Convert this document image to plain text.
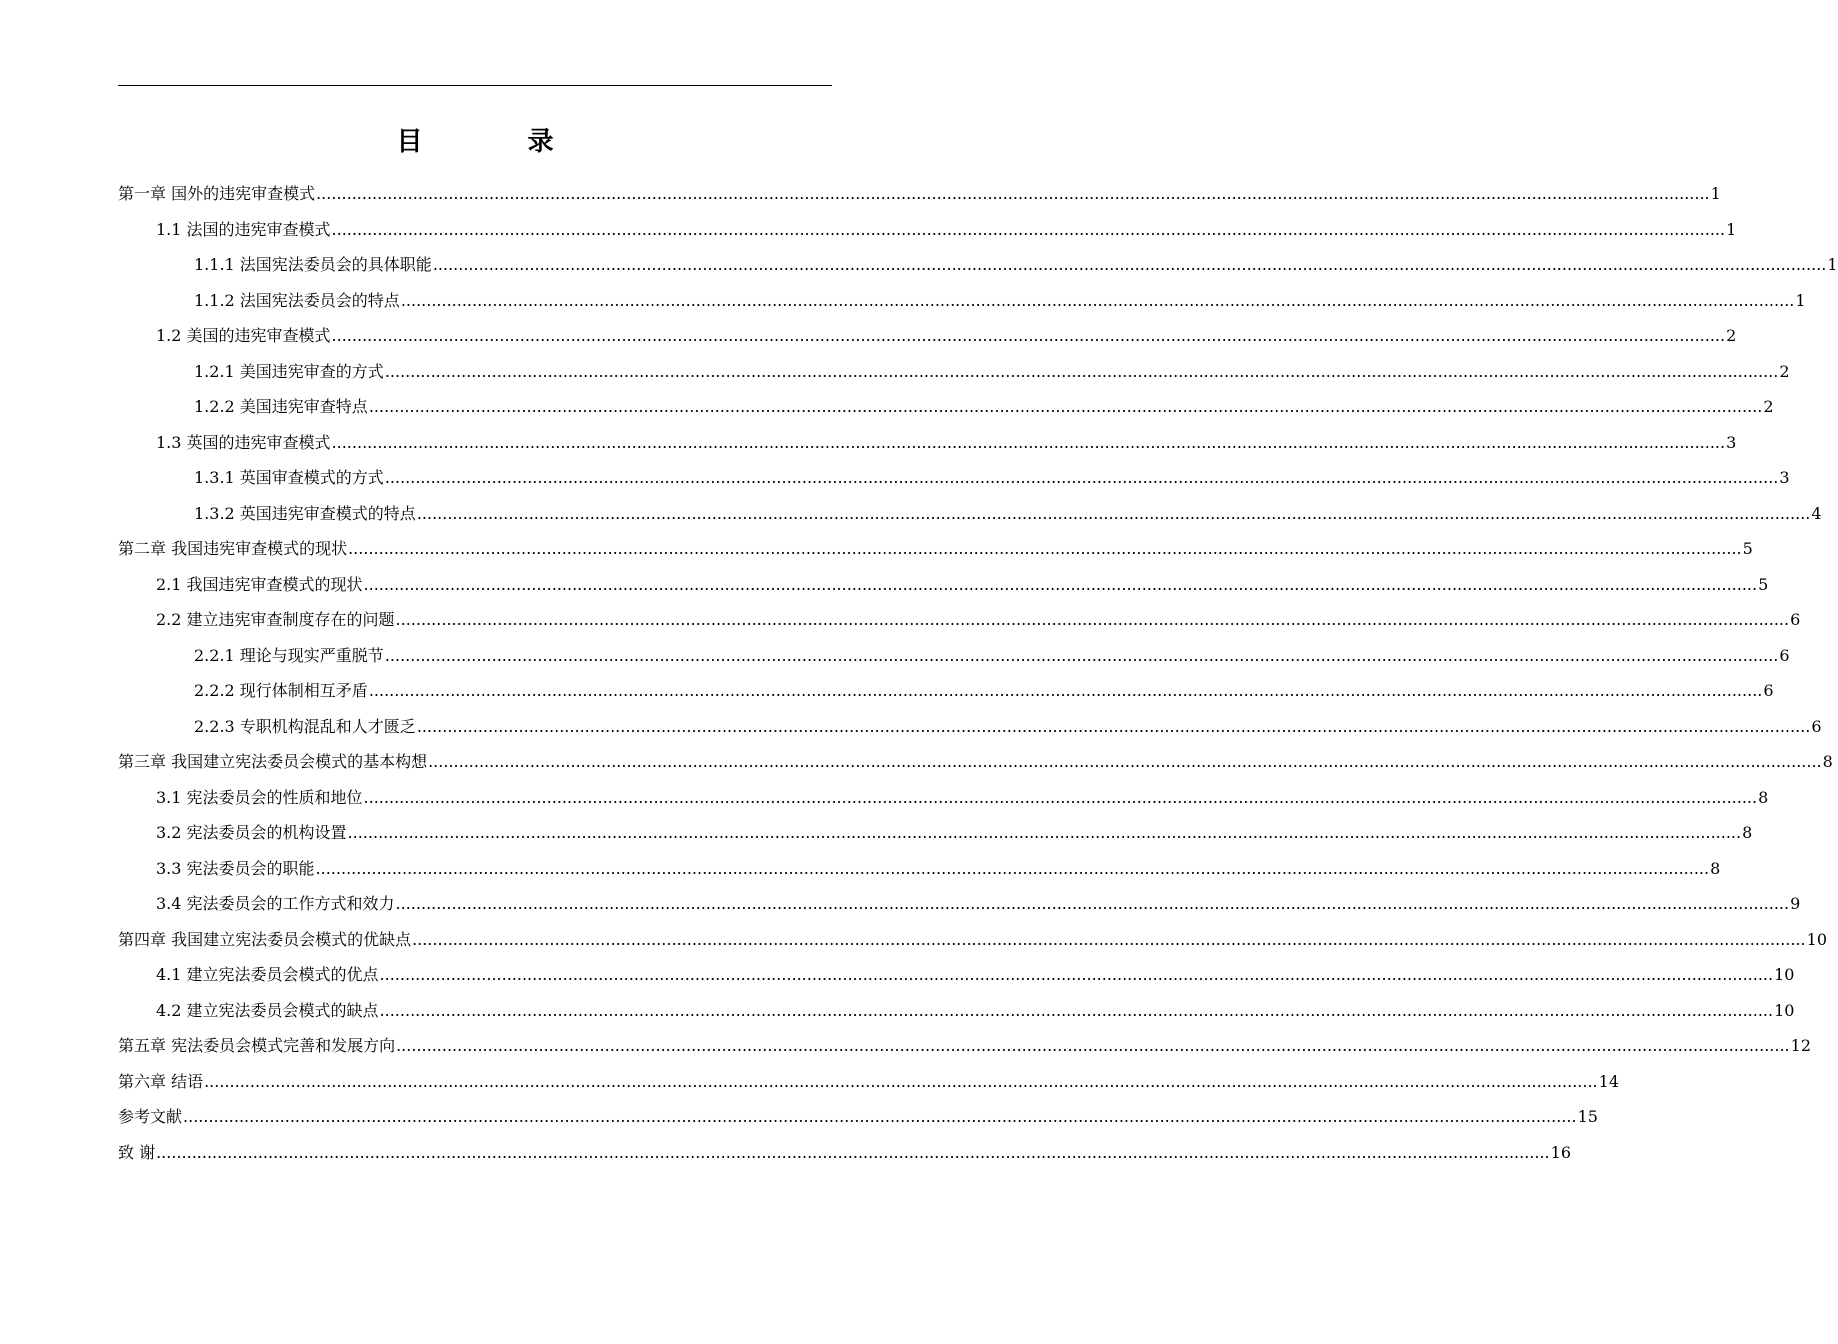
目 录
第一章 国外的违宪审查模式 .................................................................................................................................................................................................................................................................................. 1
1.1 法国的违宪审查模式 .................................................................................................................................................................................................................................................................................. 1
1.1.1 法国宪法委员会的具体职能 .................................................................................................................................................................................................................................................................................. 1
1.1.2 法国宪法委员会的特点 .................................................................................................................................................................................................................................................................................. 1
1.2 美国的违宪审查模式 .................................................................................................................................................................................................................................................................................. 2
1.2.1 美国违宪审查的方式 .................................................................................................................................................................................................................................................................................. 2
1.2.2 美国违宪审查特点 .................................................................................................................................................................................................................................................................................. 2
1.3 英国的违宪审查模式 .................................................................................................................................................................................................................................................................................. 3
1.3.1 英国审查模式的方式 .................................................................................................................................................................................................................................................................................. 3
1.3.2 英国违宪审查模式的特点 .................................................................................................................................................................................................................................................................................. 4
第二章 我国违宪审查模式的现状 .................................................................................................................................................................................................................................................................................. 5
2.1 我国违宪审查模式的现状 .................................................................................................................................................................................................................................................................................. 5
2.2 建立违宪审查制度存在的问题 .................................................................................................................................................................................................................................................................................. 6
2.2.1 理论与现实严重脱节 .................................................................................................................................................................................................................................................................................. 6
2.2.2 现行体制相互矛盾 .................................................................................................................................................................................................................................................................................. 6
2.2.3 专职机构混乱和人才匮乏 .................................................................................................................................................................................................................................................................................. 6
第三章 我国建立宪法委员会模式的基本构想 .................................................................................................................................................................................................................................................................................. 8
3.1 宪法委员会的性质和地位 .................................................................................................................................................................................................................................................................................. 8
3.2 宪法委员会的机构设置 .................................................................................................................................................................................................................................................................................. 8
3.3 宪法委员会的职能 .................................................................................................................................................................................................................................................................................. 8
3.4 宪法委员会的工作方式和效力 .................................................................................................................................................................................................................................................................................. 9
第四章 我国建立宪法委员会模式的优缺点 .................................................................................................................................................................................................................................................................................. 10
4.1 建立宪法委员会模式的优点 .................................................................................................................................................................................................................................................................................. 10
4.2 建立宪法委员会模式的缺点 .................................................................................................................................................................................................................................................................................. 10
第五章 宪法委员会模式完善和发展方向 .................................................................................................................................................................................................................................................................................. 12
第六章 结语 .................................................................................................................................................................................................................................................................................. 14
参考文献 .................................................................................................................................................................................................................................................................................. 15
致 谢 .................................................................................................................................................................................................................................................................................. 16
